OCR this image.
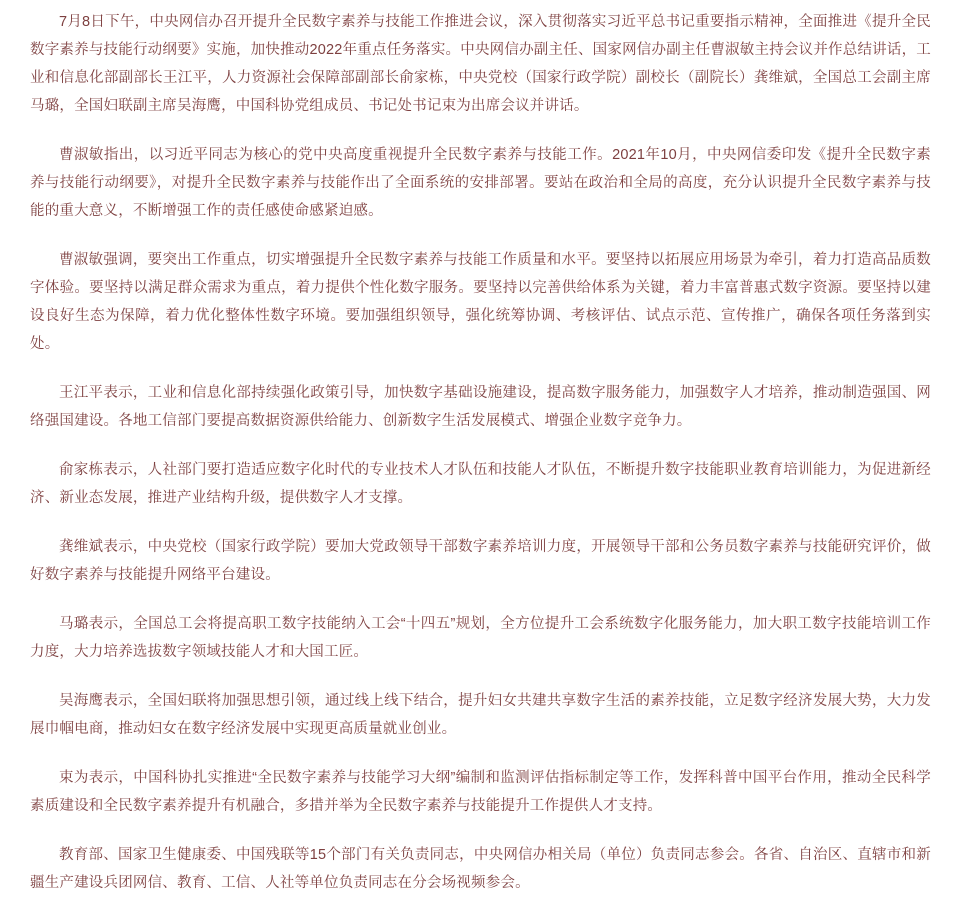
7月8日下午，中央网信办召开提升全民数字素养与技能工作推进会议，深入贯彻落实习近平总书记重要指示精神，全面推进《提升全民数字素养与技能行动纲要》实施，加快推动2022年重点任务落实。中央网信办副主任、国家网信办副主任曹淑敏主持会议并作总结讲话，工业和信息化部副部长王江平，人力资源社会保障部副部长俞家栋，中央党校（国家行政学院）副校长（副院长）龚维斌，全国总工会副主席马璐，全国妇联副主席吴海鹰，中国科协党组成员、书记处书记束为出席会议并讲话。

曹淑敏指出，以习近平同志为核心的党中央高度重视提升全民数字素养与技能工作。2021年10月，中央网信委印发《提升全民数字素养与技能行动纲要》，对提升全民数字素养与技能作出了全面系统的安排部署。要站在政治和全局的高度，充分认识提升全民数字素养与技能的重大意义，不断增强工作的责任感使命感紧迫感。

曹淑敏强调，要突出工作重点，切实增强提升全民数字素养与技能工作质量和水平。要坚持以拓展应用场景为牵引，着力打造高品质数字体验。要坚持以满足群众需求为重点，着力提供个性化数字服务。要坚持以完善供给体系为关键，着力丰富普惠式数字资源。要坚持以建设良好生态为保障，着力优化整体性数字环境。要加强组织领导，强化统筹协调、考核评估、试点示范、宣传推广，确保各项任务落到实处。

王江平表示，工业和信息化部持续强化政策引导，加快数字基础设施建设，提高数字服务能力，加强数字人才培养，推动制造强国、网络强国建设。各地工信部门要提高数据资源供给能力、创新数字生活发展模式、增强企业数字竞争力。

俞家栋表示，人社部门要打造适应数字化时代的专业技术人才队伍和技能人才队伍，不断提升数字技能职业教育培训能力，为促进新经济、新业态发展，推进产业结构升级，提供数字人才支撑。

龚维斌表示，中央党校（国家行政学院）要加大党政领导干部数字素养培训力度，开展领导干部和公务员数字素养与技能研究评价，做好数字素养与技能提升网络平台建设。

马璐表示，全国总工会将提高职工数字技能纳入工会“十四五”规划，全方位提升工会系统数字化服务能力，加大职工数字技能培训工作力度，大力培养选拔数字领域技能人才和大国工匠。

吴海鹰表示，全国妇联将加强思想引领，通过线上线下结合，提升妇女共建共享数字生活的素养技能，立足数字经济发展大势，大力发展巾帼电商，推动妇女在数字经济发展中实现更高质量就业创业。

束为表示，中国科协扎实推进“全民数字素养与技能学习大纲”编制和监测评估指标制定等工作，发挥科普中国平台作用，推动全民科学素质建设和全民数字素养提升有机融合，多措并举为全民数字素养与技能提升工作提供人才支持。

教育部、国家卫生健康委、中国残联等15个部门有关负责同志，中央网信办相关局（单位）负责同志参会。各省、自治区、直辖市和新疆生产建设兵团网信、教育、工信、人社等单位负责同志在分会场视频参会。
